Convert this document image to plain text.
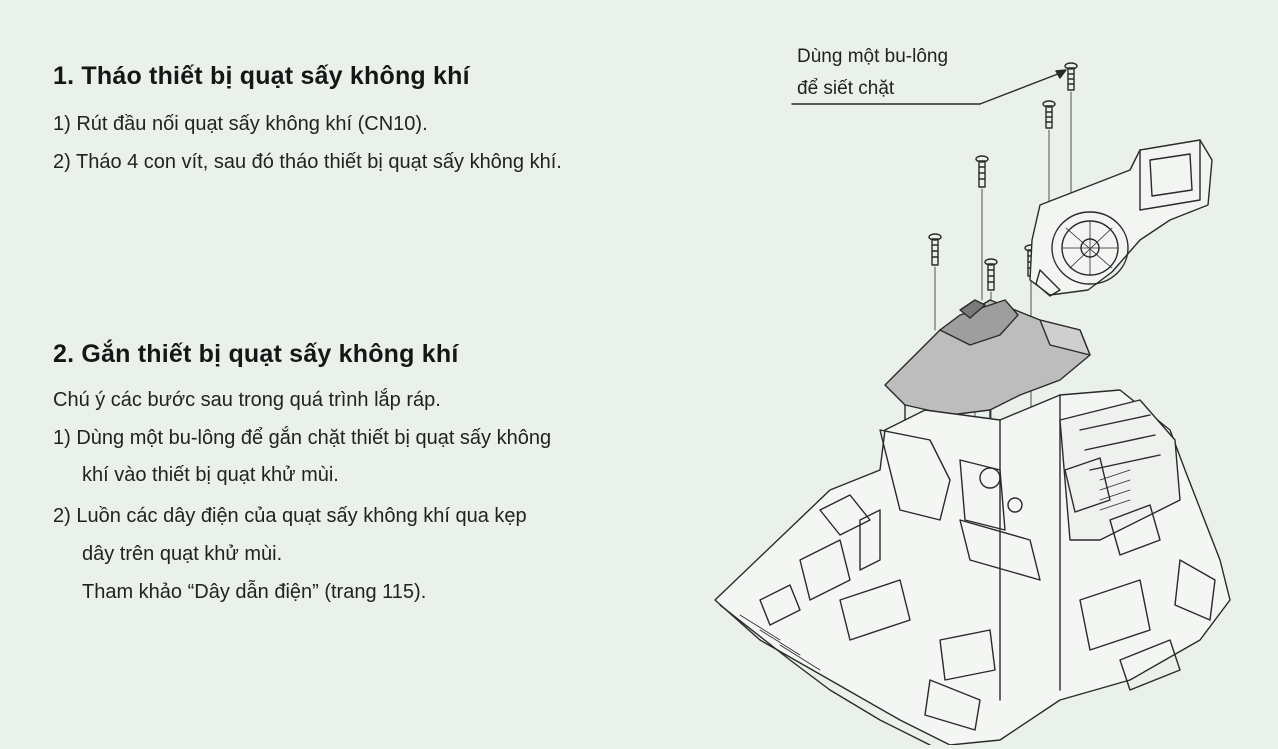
1. Tháo thiết bị quạt sấy không khí
1) Rút đầu nối quạt sấy không khí (CN10).
2) Tháo 4 con vít, sau đó tháo thiết bị quạt sấy không khí.
2. Gắn thiết bị quạt sấy không khí
Chú ý các bước sau trong quá trình lắp ráp.
1) Dùng một bu-lông để gắn chặt thiết bị quạt sấy không
khí vào thiết bị quạt khử mùi.
2) Luồn các dây điện của quạt sấy không khí qua kẹp
dây trên quạt khử mùi.
Tham khảo “Dây dẫn điện” (trang 115).
Dùng một bu-lông
để siết chặt
